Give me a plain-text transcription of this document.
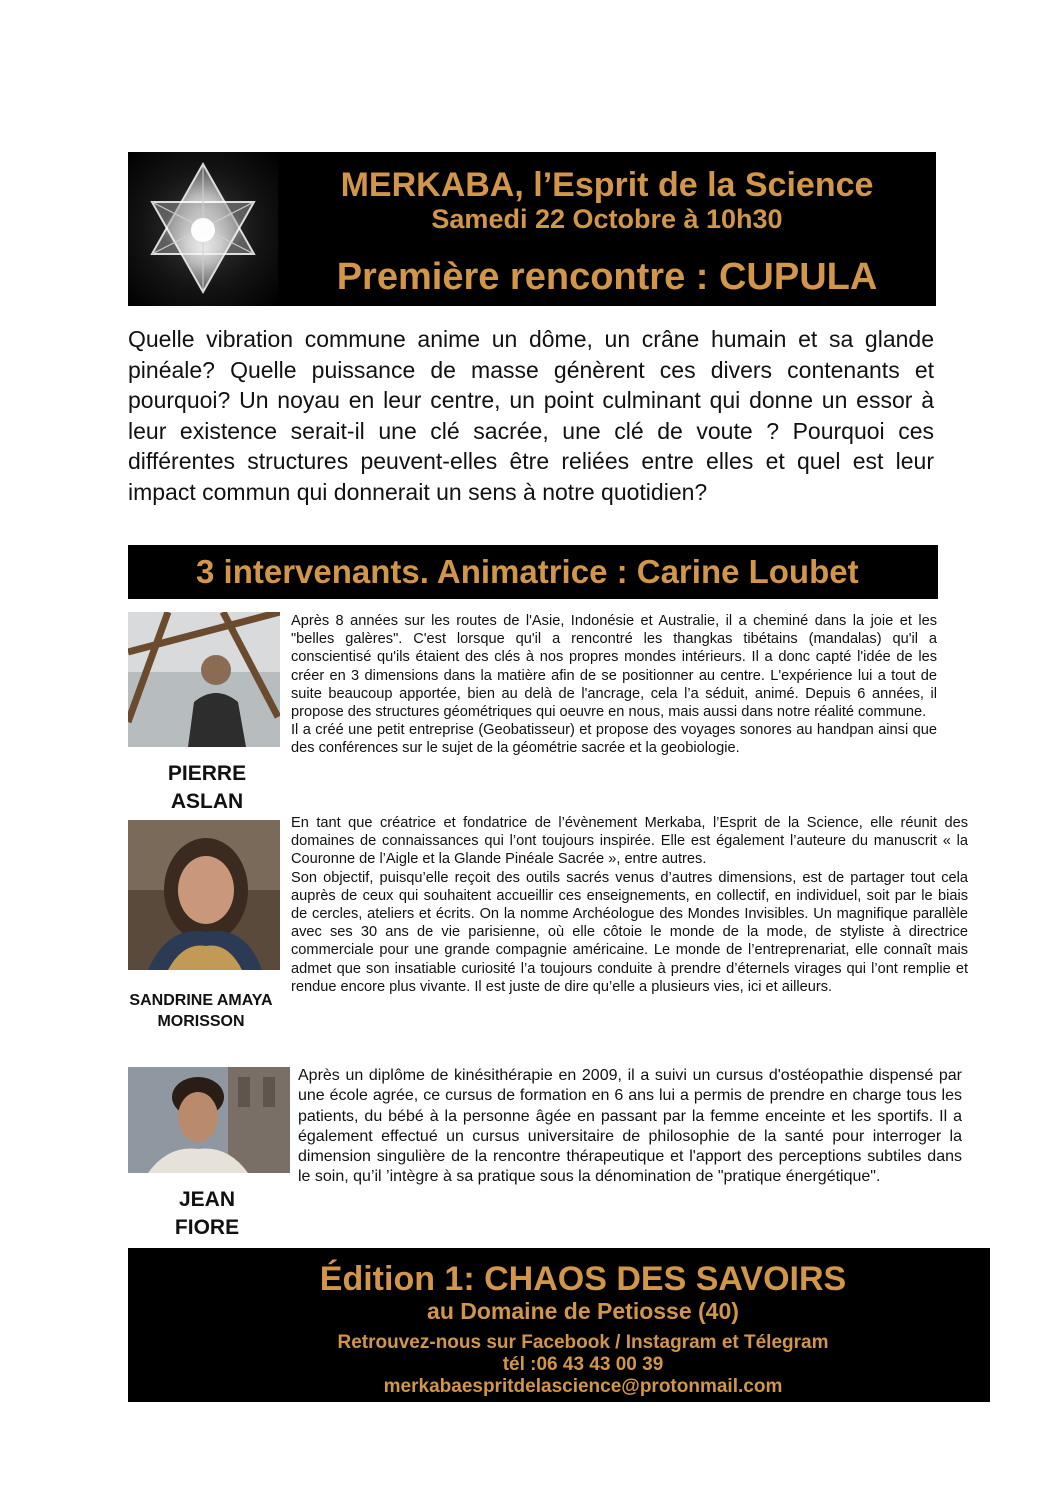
MERKABA, l’Esprit de la Science
Samedi 22 Octobre à 10h30
Première rencontre : CUPULA

Quelle vibration commune anime un dôme, un crâne humain et sa glande pinéale? Quelle puissance de masse génèrent ces divers contenants et pourquoi? Un noyau en leur centre, un point culminant qui donne un essor à leur existence serait-il une clé sacrée, une clé de voute ? Pourquoi ces différentes structures peuvent-elles être reliées entre elles et quel est leur impact commun qui donnerait un sens à notre quotidien?

3 intervenants. Animatrice : Carine Loubet
PIERRE
ASLAN

Après 8 années sur les routes de l'Asie, Indonésie et Australie, il a cheminé dans la joie et les "belles galères". C'est lorsque qu'il a rencontré les thangkas tibétains (mandalas) qu'il a conscientisé qu'ils étaient des clés à nos propres mondes intérieurs. Il a donc capté l'idée de les créer en 3 dimensions dans la matière afin de se positionner au centre. L'expérience lui a tout de suite beaucoup apportée, bien au delà de l'ancrage, cela l’a séduit, animé. Depuis 6 années, il propose des structures géométriques qui oeuvre en nous, mais aussi dans notre réalité commune.

Il a créé une petit entreprise (Geobatisseur) et propose des voyages sonores au handpan ainsi que des conférences sur le sujet de la géométrie sacrée et la geobiologie.

SANDRINE AMAYA
MORISSON

En tant que créatrice et fondatrice de l’évènement Merkaba, l’Esprit de la Science, elle réunit des domaines de connaissances qui l’ont toujours inspirée. Elle est également l’auteure du manuscrit « la Couronne de l’Aigle et la Glande Pinéale Sacrée », entre autres.

Son objectif, puisqu’elle reçoit des outils sacrés venus d’autres dimensions, est de partager tout cela auprès de ceux qui souhaitent accueillir ces enseignements, en collectif, en individuel, soit par le biais de cercles, ateliers et écrits. On la nomme Archéologue des Mondes Invisibles. Un magnifique parallèle avec ses 30 ans de vie parisienne, où elle côtoie le monde de la mode, de styliste à directrice commerciale pour une grande compagnie américaine. Le monde de l’entreprenariat, elle connaît mais admet que son insatiable curiosité l’a toujours conduite à prendre d’éternels virages qui l’ont remplie et rendue encore plus vivante. Il est juste de dire qu’elle a plusieurs vies, ici et ailleurs.

JEAN
FIORE

Après un diplôme de kinésithérapie en 2009, il a suivi un cursus d'ostéopathie dispensé par une école agrée, ce cursus de formation en 6 ans lui a permis de prendre en charge tous les patients, du bébé à la personne âgée en passant par la femme enceinte et les sportifs. Il a également effectué un cursus universitaire de philosophie de la santé pour interroger la dimension singulière de la rencontre thérapeutique et l'apport des perceptions subtiles dans le soin, qu’il ’intègre à sa pratique sous la dénomination de "pratique énergétique".

Édition 1: CHAOS DES SAVOIRS
au Domaine de Petiosse (40)
Retrouvez-nous sur Facebook / Instagram et Télegram
tél :06 43 43 00 39
merkabaespritdelascience@protonmail.com
